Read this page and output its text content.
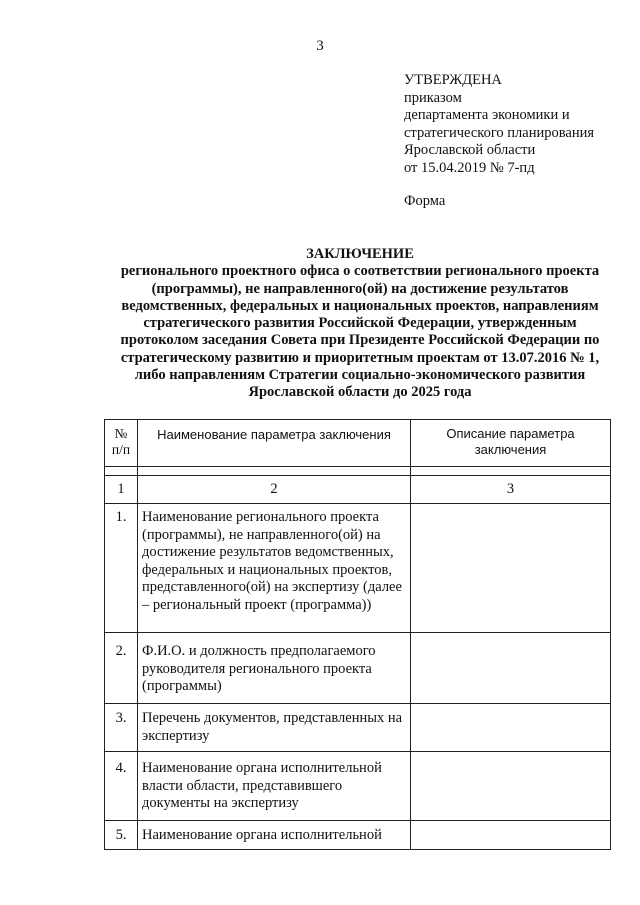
3
УТВЕРЖДЕНА
приказом
департамента экономики и
стратегического планирования
Ярославской области
от 15.04.2019 № 7-пд
Форма
ЗАКЛЮЧЕНИЕ
регионального проектного офиса о соответствии регионального проекта
(программы), не направленного(ой) на достижение результатов
ведомственных, федеральных и национальных проектов, направлениям
стратегического развития Российской Федерации, утвержденным
протоколом заседания Совета при Президенте Российской Федерации по
стратегическому развитию и приоритетным проектам от 13.07.2016 № 1,
либо направлениям Стратегии социально-экономического развития
Ярославской области до 2025 года
№ п/п	Наименование параметра заключения	Описание параметра заключения

1	2	3
1.	Наименование регионального проекта (программы), не направленного(ой) на достижение результатов ведомственных, федеральных и национальных проектов, представленного(ой) на экспертизу (далее – региональный проект (программа))	
2.	Ф.И.О. и должность предполагаемого руководителя регионального проекта (программы)	
3.	Перечень документов, представленных на экспертизу	
4.	Наименование органа исполнительной власти области, представившего документы на экспертизу	
5.	Наименование органа исполнительной	
